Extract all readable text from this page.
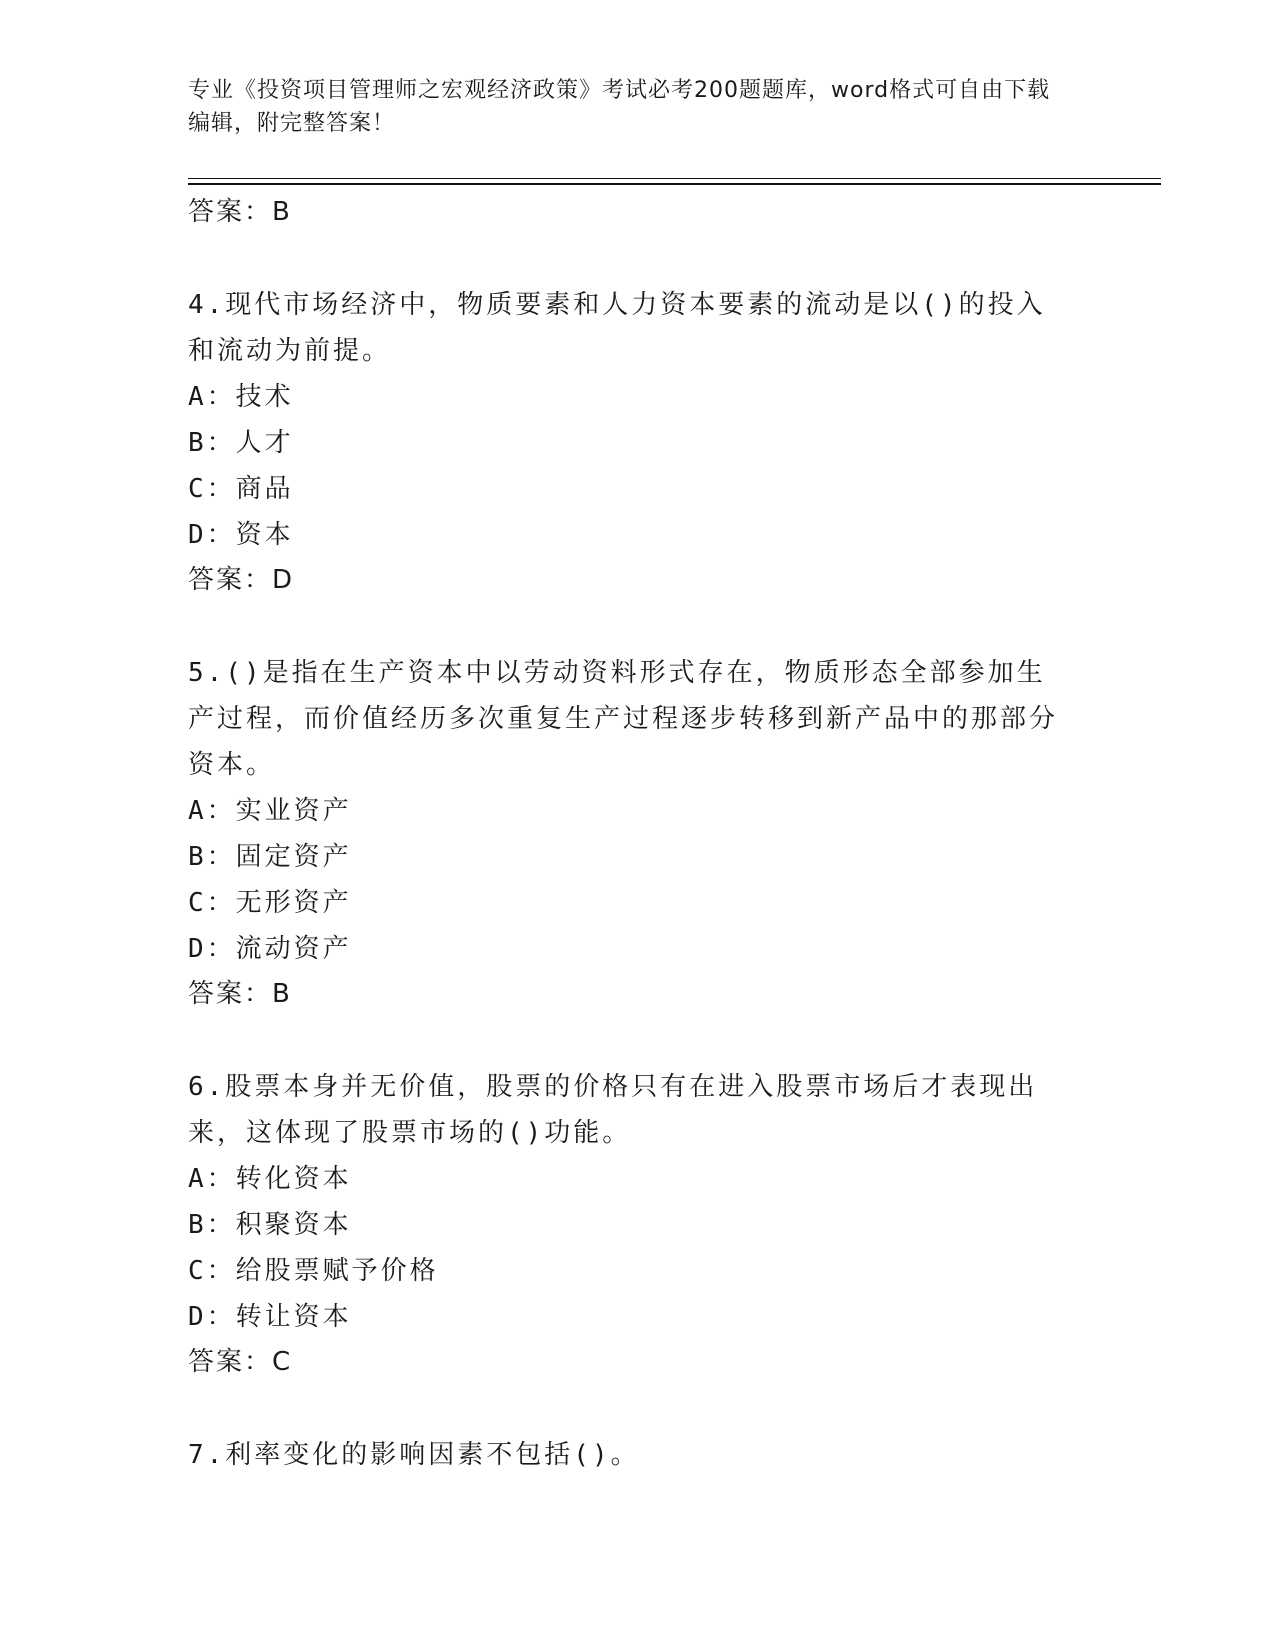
专业《投资项目管理师之宏观经济政策》考试必考200题题库，word格式可自由下载编辑，附完整答案！
答案：B
4.现代市场经济中，物质要素和人力资本要素的流动是以()的投入和流动为前提。
A：技术
B：人才
C：商品
D：资本
答案：D
5.()是指在生产资本中以劳动资料形式存在，物质形态全部参加生产过程，而价值经历多次重复生产过程逐步转移到新产品中的那部分资本。
A：实业资产
B：固定资产
C：无形资产
D：流动资产
答案：B
6.股票本身并无价值，股票的价格只有在进入股票市场后才表现出来，这体现了股票市场的()功能。
A：转化资本
B：积聚资本
C：给股票赋予价格
D：转让资本
答案：C
7.利率变化的影响因素不包括()。
